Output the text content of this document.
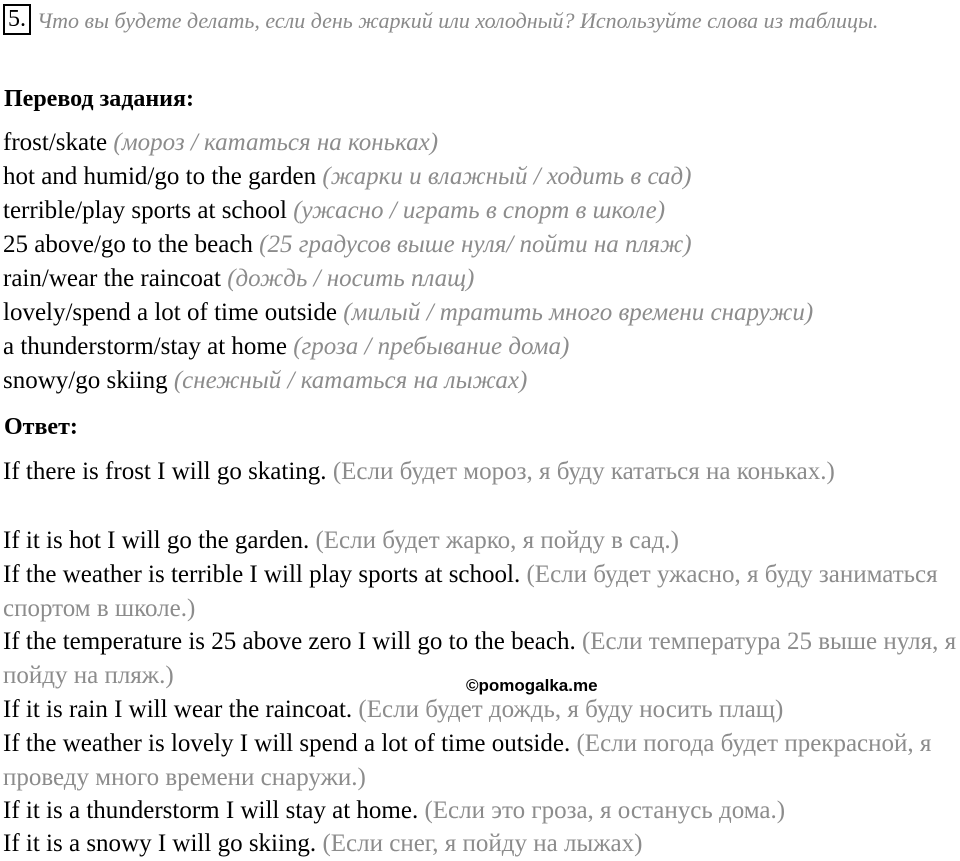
5. Что вы будете делать, если день жаркий или холодный? Используйте слова из таблицы.
Перевод задания:
frost/skate (мороз / кататься на коньках)
hot and humid/go to the garden (жарки и влажный / ходить в сад)
terrible/play sports at school (ужасно / играть в спорт в школе)
25 above/go to the beach (25 градусов выше нуля/ пойти на пляж)
rain/wear the raincoat (дождь / носить плащ)
lovely/spend a lot of time outside (милый / тратить много времени снаружи)
a thunderstorm/stay at home (гроза / пребывание дома)
snowy/go skiing (снежный / кататься на лыжах)
Ответ:
If there is frost I will go skating. (Если будет мороз, я буду кататься на коньках.)
If it is hot I will go the garden. (Если будет жарко, я пойду в сад.)
If the weather is terrible I will play sports at school. (Если будет ужасно, я буду заниматься спортом в школе.)
If the temperature is 25 above zero I will go to the beach. (Если температура 25 выше нуля, я пойду на пляж.)
If it is rain I will wear the raincoat. (Если будет дождь, я буду носить плащ)
If the weather is lovely I will spend a lot of time outside. (Если погода будет прекрасной, я проведу много времени снаружи.)
If it is a thunderstorm I will stay at home. (Если это гроза, я останусь дома.)
If it is a snowy I will go skiing. (Если снег, я пойду на лыжах)
©pomogalka.me
